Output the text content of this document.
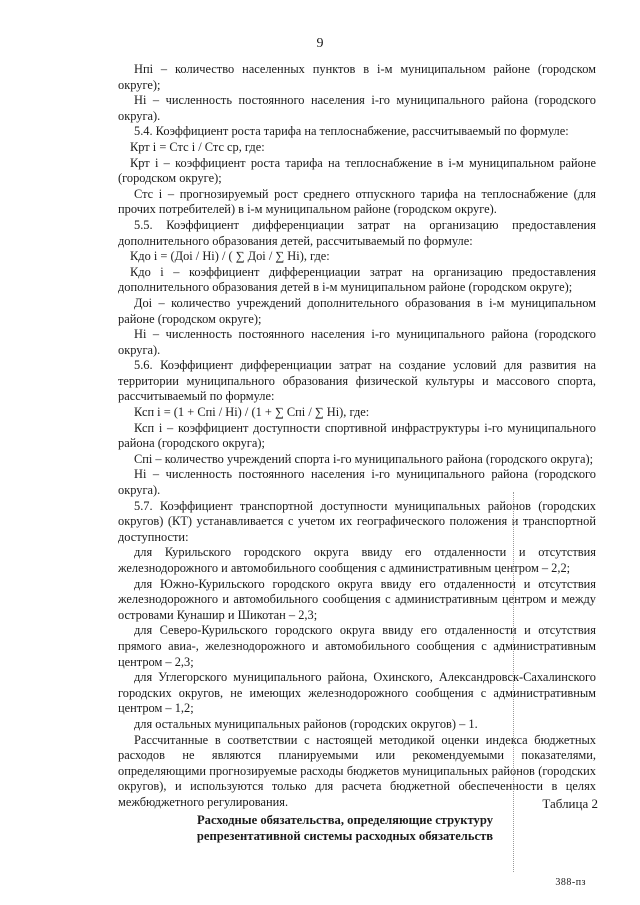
9

Нпi – количество населенных пунктов в i-м муниципальном районе (городском округе);

Нi – численность постоянного населения i-го муниципального района (городского округа).

5.4. Коэффициент роста тарифа на теплоснабжение, рассчитываемый по формуле:

Крт i = Стс i / Стс ср, где:

Крт i – коэффициент роста тарифа на теплоснабжение в i-м муниципальном районе (городском округе);

Стс i – прогнозируемый рост среднего отпускного тарифа на теплоснабжение (для прочих потребителей) в i-м муниципальном районе (городском округе).

5.5. Коэффициент дифференциации затрат на организацию предоставления дополнительного образования детей, рассчитываемый по формуле:

Кдо i = (Доi / Нi) / ( ∑ Доi / ∑ Нi), где:

Кдо i – коэффициент дифференциации затрат на организацию предоставления дополнительного образования детей в i-м муниципальном районе (городском округе);

Доi – количество учреждений дополнительного образования в i-м муниципальном районе (городском округе);

Нi – численность постоянного населения i-го муниципального района (городского округа).

5.6. Коэффициент дифференциации затрат на создание условий для развития на территории муниципального образования физической культуры и массового спорта, рассчитываемый по формуле:

Ксп i = (1 + Спi / Нi) / (1 + ∑ Спi / ∑ Нi), где:

Ксп i – коэффициент доступности спортивной инфраструктуры i-го муниципального района (городского округа);

Спi – количество учреждений спорта i-го муниципального района (городского округа);

Нi – численность постоянного населения i-го муниципального района (городского округа).

5.7. Коэффициент транспортной доступности муниципальных районов (городских округов) (КТ) устанавливается с учетом их географического положения и транспортной доступности:

для Курильского городского округа ввиду его отдаленности и отсутствия железнодорожного и автомобильного сообщения с административным центром – 2,2;

для Южно-Курильского городского округа ввиду его отдаленности и отсутствия железнодорожного и автомобильного сообщения с административным центром и между островами Кунашир и Шикотан – 2,3;

для Северо-Курильского городского округа ввиду его отдаленности и отсутствия прямого авиа-, железнодорожного и автомобильного сообщения с административным центром – 2,3;

для Углегорского муниципального района, Охинского, Александровск-Сахалинского городских округов, не имеющих железнодорожного сообщения с административным центром – 1,2;

для остальных муниципальных районов (городских округов) – 1.

Рассчитанные в соответствии с настоящей методикой оценки индекса бюджетных расходов не являются планируемыми или рекомендуемыми показателями, определяющими прогнозируемые расходы бюджетов муниципальных районов (городских округов), и используются только для расчета бюджетной обеспеченности в целях межбюджетного регулирования.	Таблица 2
Расходные обязательства, определяющие структуру репрезентативной системы расходных обязательств
388-пз
